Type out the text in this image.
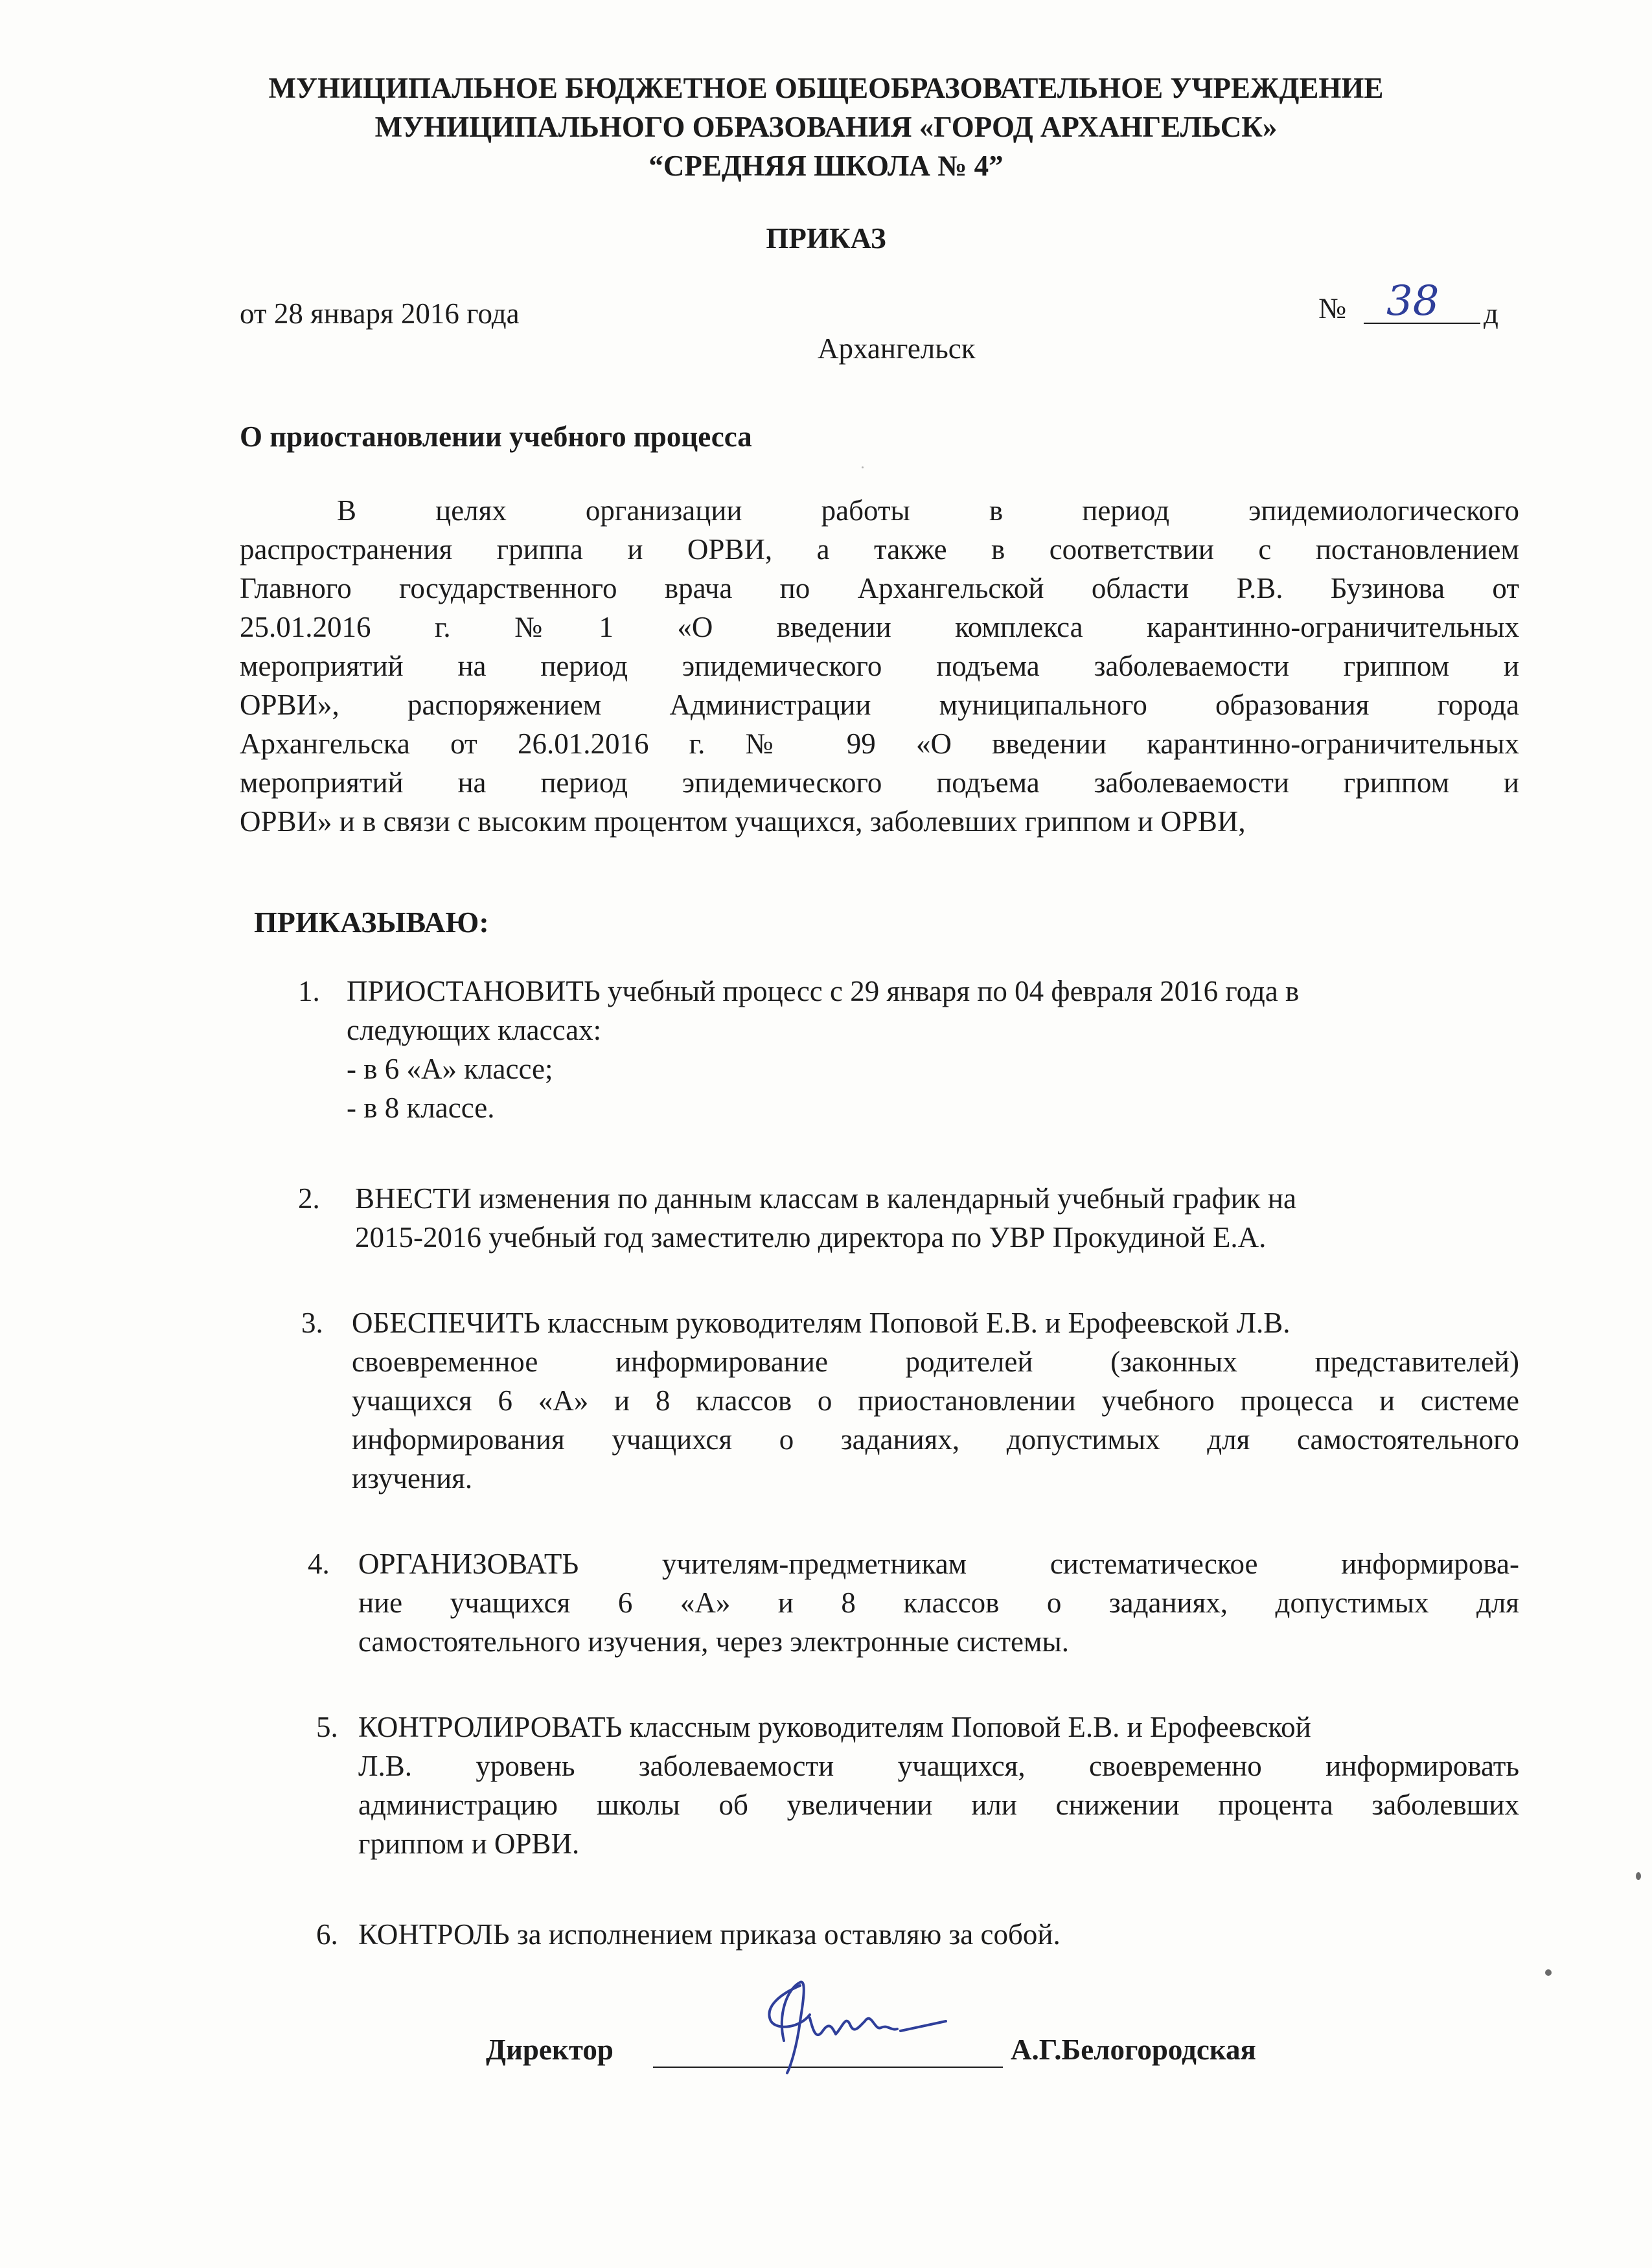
МУНИЦИПАЛЬНОЕ БЮДЖЕТНОЕ ОБЩЕОБРАЗОВАТЕЛЬНОЕ УЧРЕЖДЕНИЕ
МУНИЦИПАЛЬНОГО ОБРАЗОВАНИЯ «ГОРОД АРХАНГЕЛЬСК»
“СРЕДНЯЯ ШКОЛА № 4”
ПРИКАЗ
от 28 января 2016 года	№ 38 д
Архангельск
О приостановлении учебного процесса
В целях организации работы в период эпидемиологического
распространения гриппа и ОРВИ, а также в соответствии с постановлением
Главного государственного врача по Архангельской области Р.В. Бузинова от
25.01.2016 г. №1 «О введении комплекса карантинно-ограничительных
мероприятий на период эпидемического подъема заболеваемости гриппом и
ОРВИ», распоряжением Администрации муниципального образования города
Архангельска от 26.01.2016 г. № 99 «О введении карантинно-ограничительных
мероприятий на период эпидемического подъема заболеваемости гриппом и
ОРВИ» и в связи с высоким процентом учащихся, заболевших гриппом и ОРВИ,
ПРИКАЗЫВАЮ:
1. ПРИОСТАНОВИТЬ учебный процесс с 29 января по 04 февраля 2016 года в
следующих классах:
- в 6 «А» классе;
- в 8 классе.
2. ВНЕСТИ изменения по данным классам в календарный учебный график на
2015-2016 учебный год заместителю директора по УВР Прокудиной Е.А.
3. ОБЕСПЕЧИТЬ классным руководителям Поповой Е.В. и Ерофеевской Л.В.
своевременное информирование родителей (законных представителей)
учащихся 6 «А» и 8 классов о приостановлении учебного процесса и системе
информирования учащихся о заданиях, допустимых для самостоятельного
изучения.
4. ОРГАНИЗОВАТЬ учителям-предметникам систематическое информирова-
ние учащихся 6 «А» и 8 классов о заданиях, допустимых для
самостоятельного изучения, через электронные системы.
5. КОНТРОЛИРОВАТЬ классным руководителям Поповой Е.В. и Ерофеевской
Л.В. уровень заболеваемости учащихся, своевременно информировать
администрацию школы об увеличении или снижении процента заболевших
гриппом и ОРВИ.
6. КОНТРОЛЬ за исполнением приказа оставляю за собой.
Директор	А.Г.Белогородская
